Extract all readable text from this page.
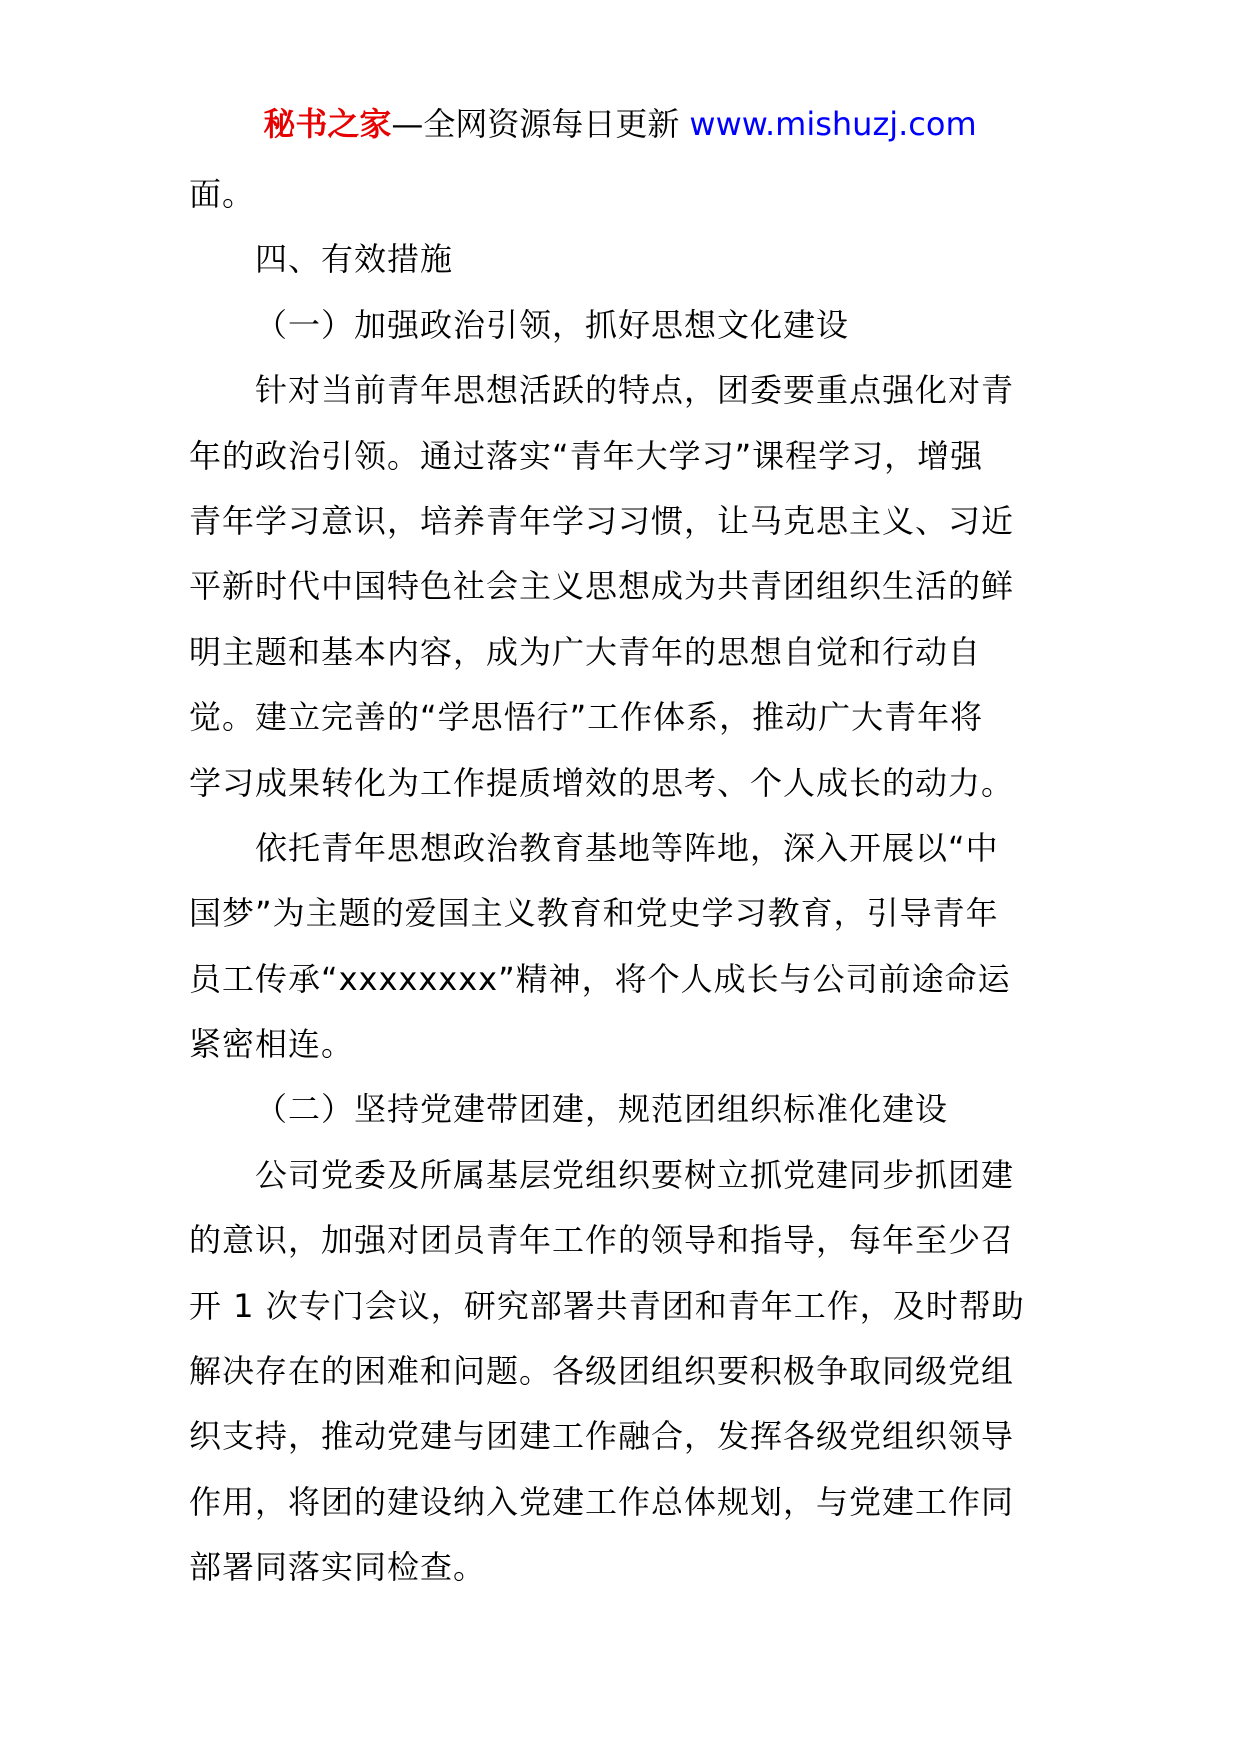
秘书之家—全网资源每日更新 www.mishuzj.com
面。
四、有效措施
（一）加强政治引领，抓好思想文化建设
针对当前青年思想活跃的特点，团委要重点强化对青
年的政治引领。通过落实“青年大学习”课程学习，增强
青年学习意识，培养青年学习习惯，让马克思主义、习近
平新时代中国特色社会主义思想成为共青团组织生活的鲜
明主题和基本内容，成为广大青年的思想自觉和行动自
觉。建立完善的“学思悟行”工作体系，推动广大青年将
学习成果转化为工作提质增效的思考、个人成长的动力。
依托青年思想政治教育基地等阵地，深入开展以“中
国梦”为主题的爱国主义教育和党史学习教育，引导青年
员工传承“xxxxxxxx”精神，将个人成长与公司前途命运
紧密相连。
（二）坚持党建带团建，规范团组织标准化建设
公司党委及所属基层党组织要树立抓党建同步抓团建
的意识，加强对团员青年工作的领导和指导，每年至少召
开 1 次专门会议，研究部署共青团和青年工作，及时帮助
解决存在的困难和问题。各级团组织要积极争取同级党组
织支持，推动党建与团建工作融合，发挥各级党组织领导
作用，将团的建设纳入党建工作总体规划，与党建工作同
部署同落实同检查。
